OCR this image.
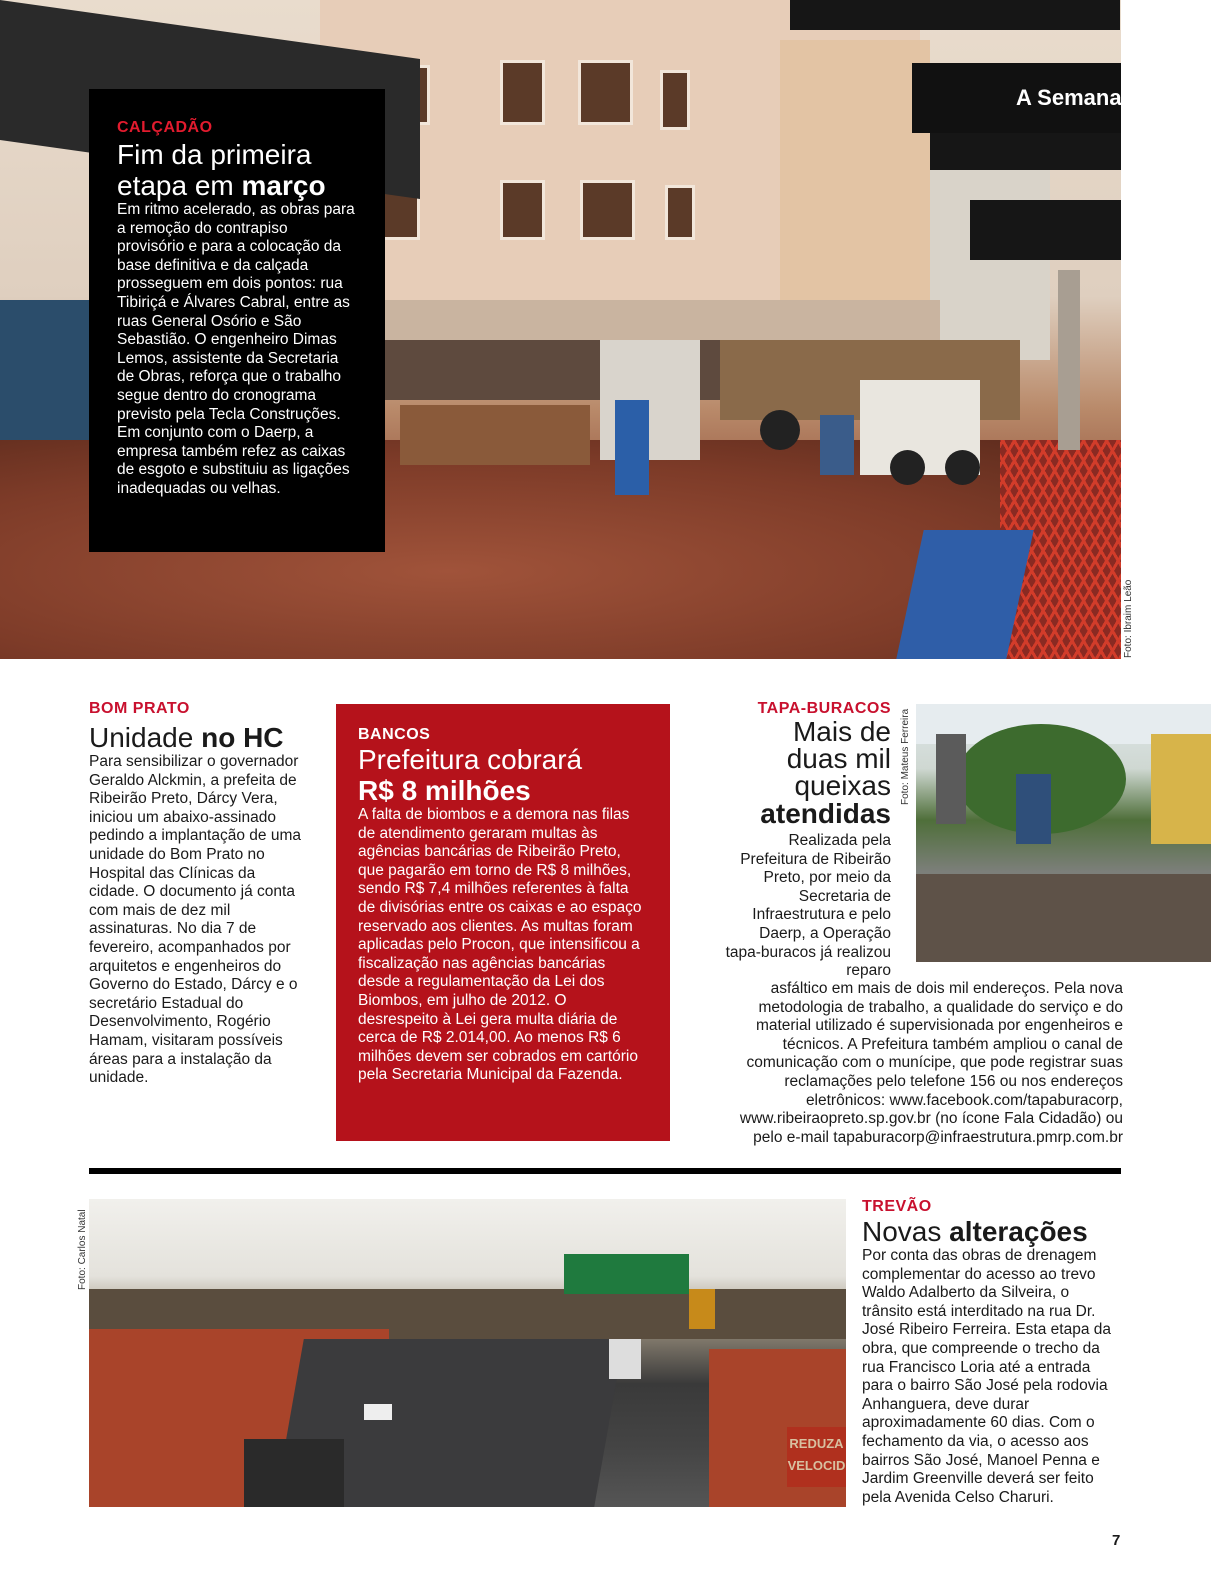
A Semana
CALÇADÃO
Fim da primeira etapa em março
Em ritmo acelerado, as obras para a remoção do contrapiso provisório e para a colocação da base definitiva e da calçada prosseguem em dois pontos: rua Tibiriçá e Álvares Cabral, entre as ruas General Osório e São Sebastião. O engenheiro Dimas Lemos, assistente da Secretaria de Obras, reforça que o trabalho segue dentro do cronograma previsto pela Tecla Construções. Em conjunto com o Daerp, a empresa também refez as caixas de esgoto e substituiu as ligações inadequadas ou velhas.
Foto: Ibraim Leão
BOM PRATO
Unidade no HC
Para sensibilizar o governador Geraldo Alckmin, a prefeita de Ribeirão Preto, Dárcy Vera, iniciou um abaixo-assinado pedindo a implantação de uma unidade do Bom Prato no Hospital das Clínicas da cidade. O documento já conta com mais de dez mil assinaturas. No dia 7 de fevereiro, acompanhados por arquitetos e engenheiros do Governo do Estado, Dárcy e o secretário Estadual do Desenvolvimento, Rogério Hamam, visitaram possíveis áreas para a instalação da unidade.
BANCOS
Prefeitura cobrará
R$ 8 milhões
A falta de biombos e a demora nas filas de atendimento geraram multas às agências bancárias de Ribeirão Preto, que pagarão em torno de R$ 8 milhões, sendo R$ 7,4 milhões referentes à falta de divisórias entre os caixas e ao espaço reservado aos clientes. As multas foram aplicadas pelo Procon, que intensificou a fiscalização nas agências bancárias desde a regulamentação da Lei dos Biombos, em julho de 2012. O desrespeito à Lei gera multa diária de cerca de R$ 2.014,00. Ao menos R$ 6 milhões devem ser cobrados em cartório pela Secretaria Municipal da Fazenda.
TAPA-BURACOS
Mais de duas mil queixas
atendidas
Foto: Mateus Ferreira
Realizada pela Prefeitura de Ribeirão Preto, por meio da Secretaria de Infraestrutura e pelo Daerp, a Operação tapa-buracos já realizou reparo
asfáltico em mais de dois mil endereços. Pela nova metodologia de trabalho, a qualidade do serviço e do material utilizado é supervisionada por engenheiros e técnicos. A Prefeitura também ampliou o canal de comunicação com o munícipe, que pode registrar suas reclamações pelo telefone 156 ou nos endereços eletrônicos: www.facebook.com/tapaburacorp, www.ribeiraopreto.sp.gov.br (no ícone Fala Cidadão) ou pelo e-mail tapaburacorp@infraestrutura.pmrp.com.br
Foto: Carlos Natal
REDUZA
VELOCID
TREVÃO
Novas alterações
Por conta das obras de drenagem complementar do acesso ao trevo Waldo Adalberto da Silveira, o trânsito está interditado na rua Dr. José Ribeiro Ferreira. Esta etapa da obra, que compreende o trecho da rua Francisco Loria até a entrada para o bairro São José pela rodovia Anhanguera, deve durar aproximadamente 60 dias. Com o fechamento da via, o acesso aos bairros São José, Manoel Penna e Jardim Greenville deverá ser feito pela Avenida Celso Charuri.
7
